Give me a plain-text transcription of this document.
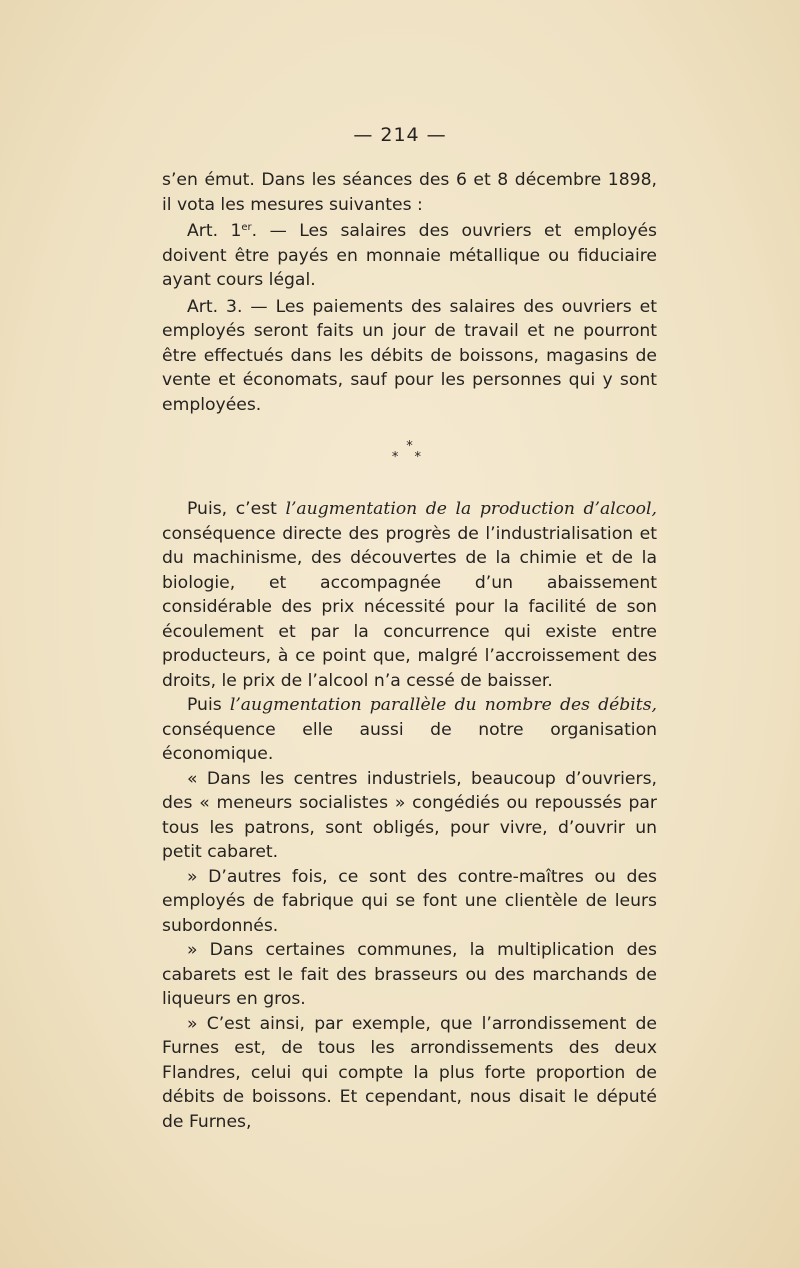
— 214 —

s’en émut. Dans les séances des 6 et 8 décembre 1898, il vota les mesures suivantes :

Art. 1er. — Les salaires des ouvriers et employés doivent être payés en monnaie métallique ou fiduciaire ayant cours légal.

Art. 3. — Les paiements des salaires des ouvriers et employés seront faits un jour de travail et ne pourront être effectués dans les débits de boissons, magasins de vente et économats, sauf pour les personnes qui y sont employées.

*
* *

Puis, c’est l’augmentation de la production d’alcool, conséquence directe des progrès de l’industrialisation et du machinisme, des découvertes de la chimie et de la biologie, et accompagnée d’un abaissement considérable des prix nécessité pour la facilité de son écoulement et par la concurrence qui existe entre producteurs, à ce point que, malgré l’accroissement des droits, le prix de l’alcool n’a cessé de baisser.

Puis l’augmentation parallèle du nombre des débits, conséquence elle aussi de notre organisation économique.

« Dans les centres industriels, beaucoup d’ouvriers, des « meneurs socialistes » congédiés ou repoussés par tous les patrons, sont obligés, pour vivre, d’ouvrir un petit cabaret.

» D’autres fois, ce sont des contre-maîtres ou des employés de fabrique qui se font une clientèle de leurs subordonnés.

» Dans certaines communes, la multiplication des cabarets est le fait des brasseurs ou des marchands de liqueurs en gros.

» C’est ainsi, par exemple, que l’arrondissement de Furnes est, de tous les arrondissements des deux Flandres, celui qui compte la plus forte proportion de débits de boissons. Et cependant, nous disait le député de Furnes,
